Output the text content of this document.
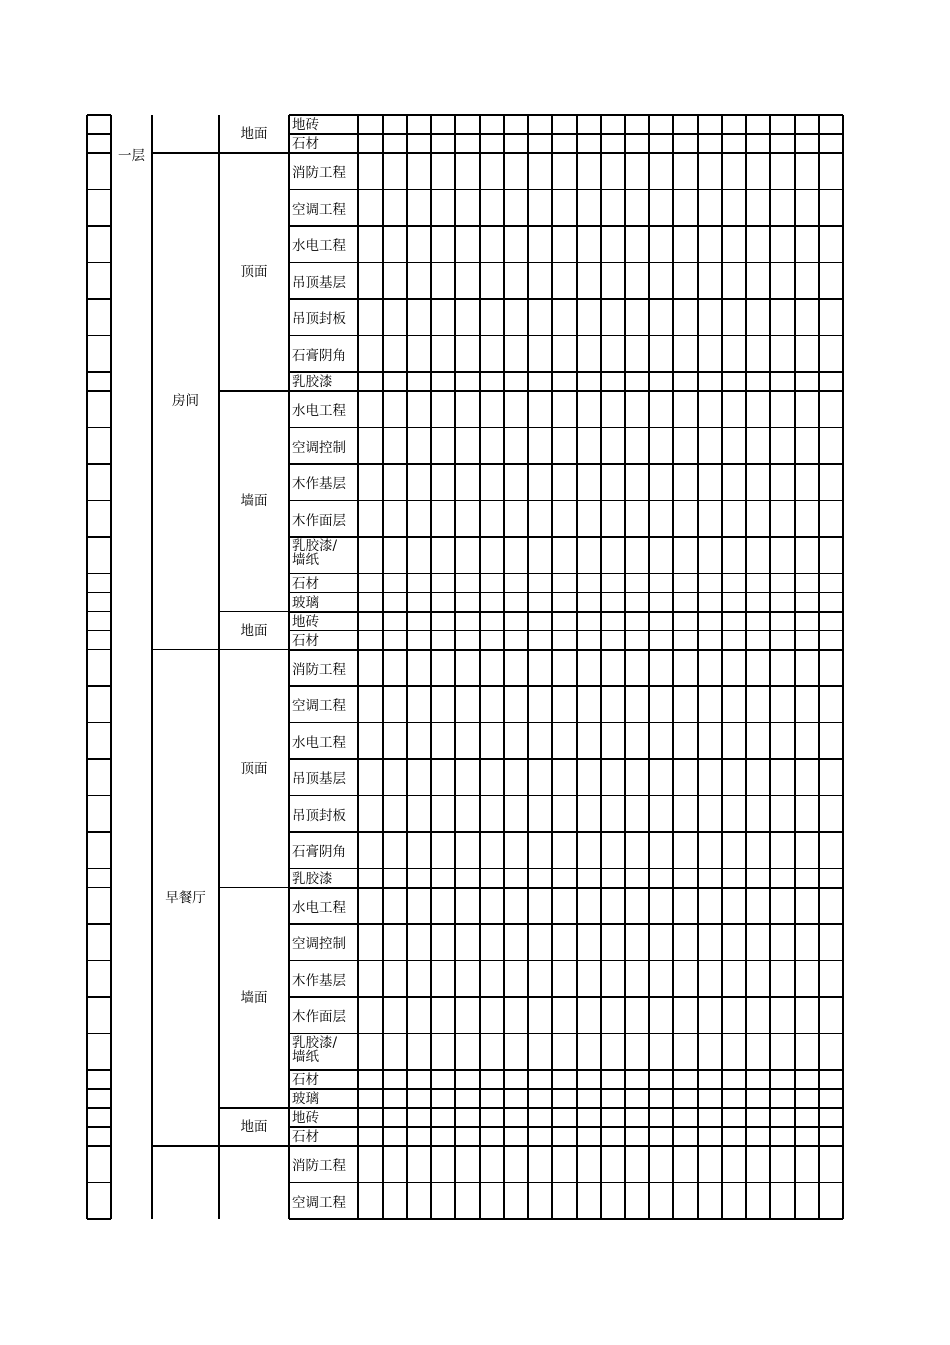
地砖
石材
消防工程
空调工程
水电工程
吊顶基层
吊顶封板
石膏阴角
乳胶漆
水电工程
空调控制
木作基层
木作面层
乳胶漆/
墙纸
石材
玻璃
地砖
石材
消防工程
空调工程
水电工程
吊顶基层
吊顶封板
石膏阴角
乳胶漆
水电工程
空调控制
木作基层
木作面层
乳胶漆/
墙纸
石材
玻璃
地砖
石材
消防工程
空调工程
一层
房间
早餐厅
地面
顶面
墙面
地面
顶面
墙面
地面
